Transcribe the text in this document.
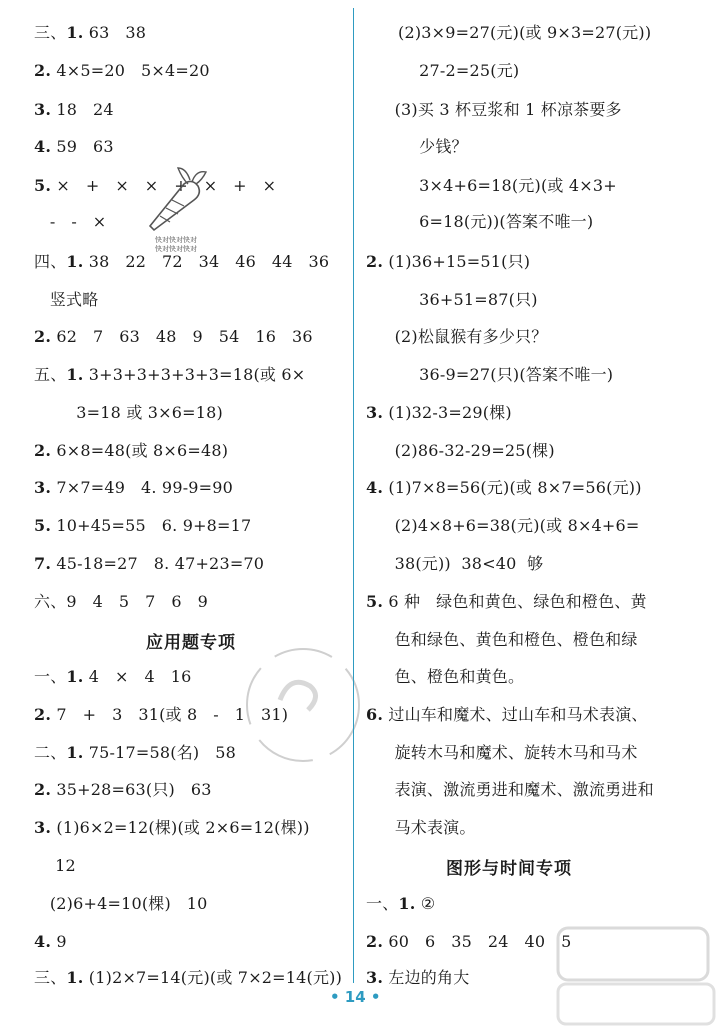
三、1. 63   38
2. 4×5=20   5×4=20
3. 18   24
4. 59   63
5. ×   +   ×   ×   +   ×   +   ×
-   -   ×
四、1. 38   22   72   34   46   44   36
竖式略
2. 62   7   63   48   9   54   16   36
五、1. 3+3+3+3+3+3=18(或 6×
3=18 或 3×6=18)
2. 6×8=48(或 8×6=48)
3. 7×7=49   4. 99-9=90
5. 10+45=55   6. 9+8=17
7. 45-18=27   8. 47+23=70
六、9   4   5   7   6   9
应用题专项
一、1. 4   ×   4   16
2. 7   +   3   31(或 8   -   1   31)
二、1. 75-17=58(名)   58
2. 35+28=63(只)   63
3. (1)6×2=12(棵)(或 2×6=12(棵))
12
(2)6+4=10(棵)   10
4. 9
三、1. (1)2×7=14(元)(或 7×2=14(元))
快对快对快对
快对快对快对
(2)3×9=27(元)(或 9×3=27(元))
27-2=25(元)
(3)买 3 杯豆浆和 1 杯凉茶要多
少钱？
3×4+6=18(元)(或 4×3+
6=18(元))(答案不唯一)
2. (1)36+15=51(只)
36+51=87(只)
(2)松鼠猴有多少只？
36-9=27(只)(答案不唯一)
3. (1)32-3=29(棵)
(2)86-32-29=25(棵)
4. (1)7×8=56(元)(或 8×7=56(元))
(2)4×8+6=38(元)(或 8×4+6=
38(元))  38<40  够
5. 6 种   绿色和黄色、绿色和橙色、黄
色和绿色、黄色和橙色、橙色和绿
色、橙色和黄色。
6. 过山车和魔术、过山车和马术表演、
旋转木马和魔术、旋转木马和马术
表演、激流勇进和魔术、激流勇进和
马术表演。
图形与时间专项
一、1. ②
2. 60   6   35   24   40   5
3. 左边的角大
• 14 •
